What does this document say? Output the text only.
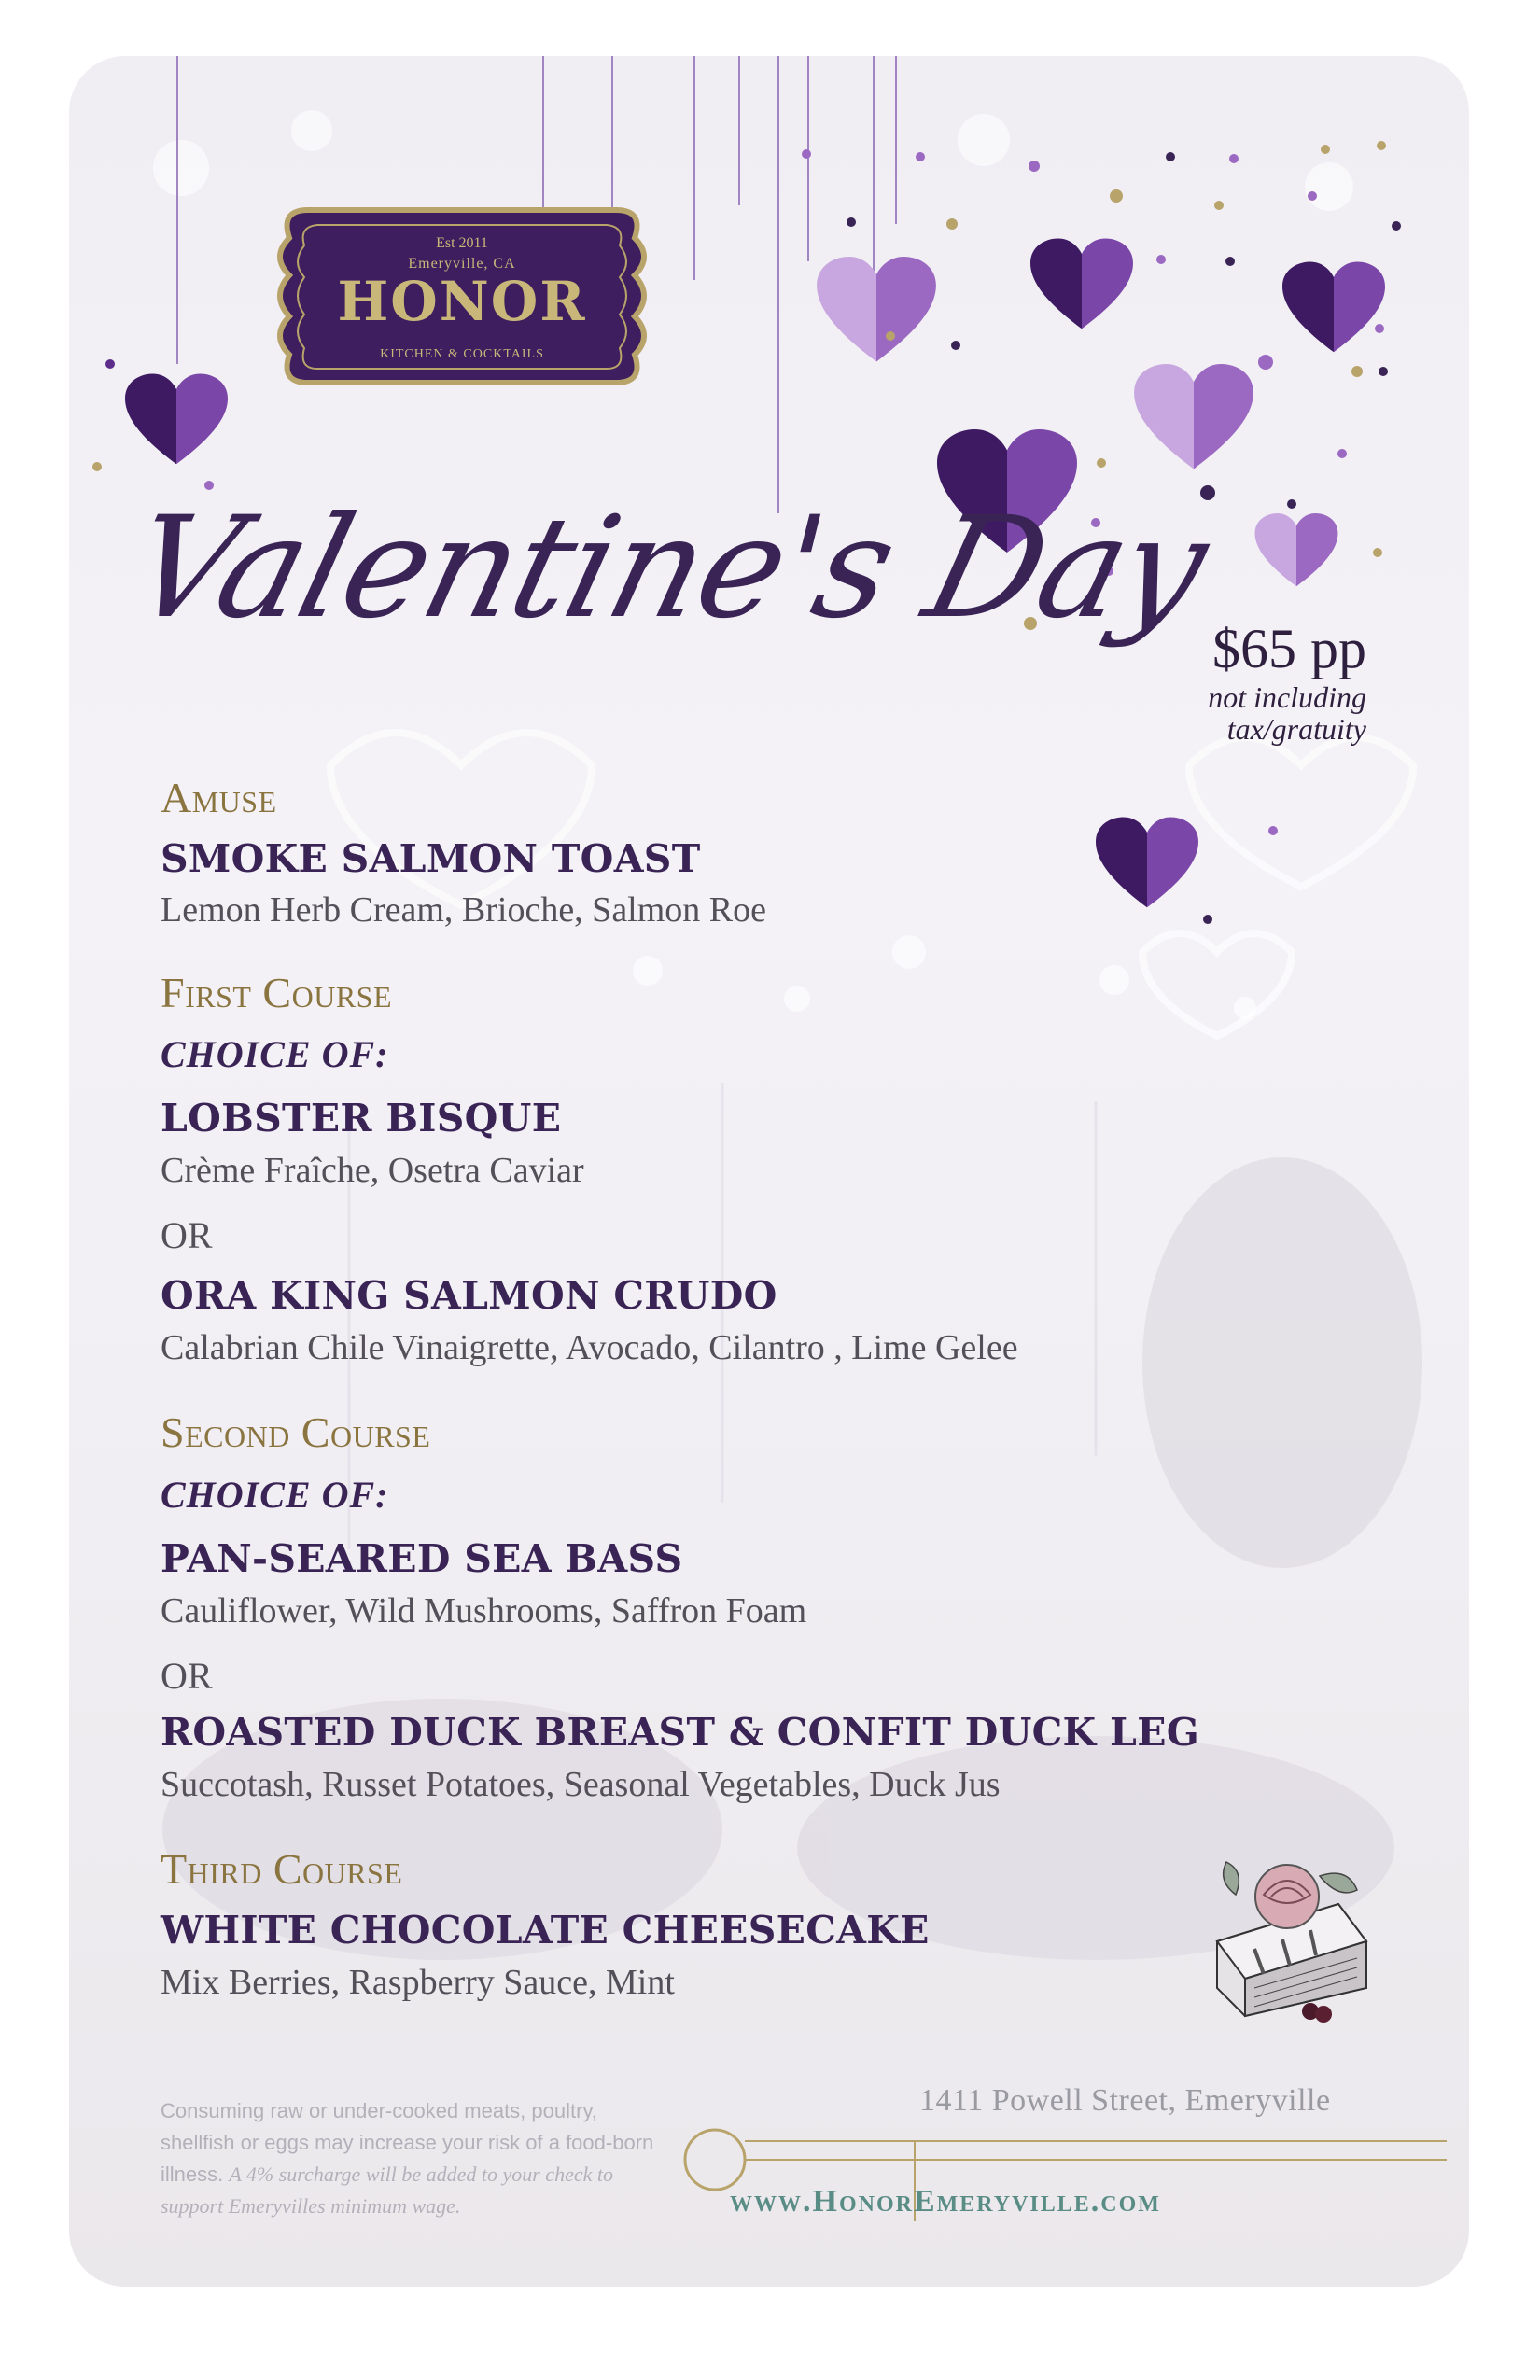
Est 2011
Emeryville, CA
HONOR
KITCHEN & COCKTAILS
Valentine's Day
$65 pp
not including
tax/gratuity
Amuse
SMOKE SALMON TOAST
Lemon Herb Cream, Brioche, Salmon Roe
First Course
CHOICE OF:
LOBSTER BISQUE
Crème Fraîche, Osetra Caviar
OR
ORA KING SALMON CRUDO
Calabrian Chile Vinaigrette, Avocado, Cilantro , Lime Gelee
Second Course
CHOICE OF:
PAN-SEARED SEA BASS
Cauliflower, Wild Mushrooms, Saffron Foam
OR
ROASTED DUCK BREAST & CONFIT DUCK LEG
Succotash, Russet Potatoes, Seasonal Vegetables, Duck Jus
Third Course
WHITE CHOCOLATE CHEESECAKE
Mix Berries, Raspberry Sauce, Mint
Consuming raw or under-cooked meats, poultry, shellfish or eggs may increase your risk of a food-born illness. A 4% surcharge will be added to your check to support Emeryvilles minimum wage.
1411 Powell Street, Emeryville
www.HonorEmeryville.com
